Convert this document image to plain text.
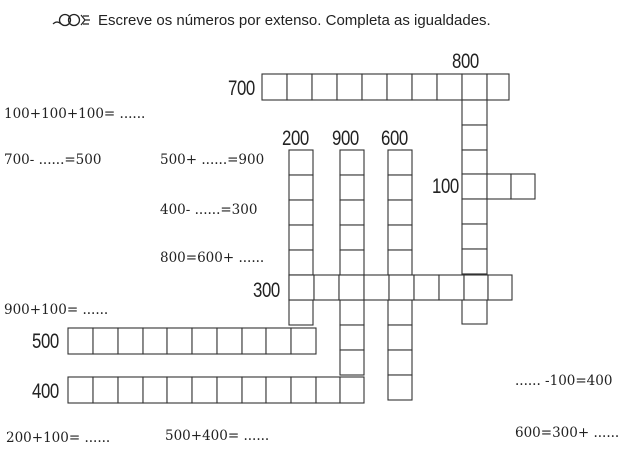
Escreve os números por extenso. Completa as igualdades.
700
800
200 900 600
100
300
500
400
100+100+100= ......
700- ......=500	500+ ......=900
400- ......=300
800=600+ ......
900+100= ......
...... -100=400
200+100= ......	500+400= ......	600=300+ ......
